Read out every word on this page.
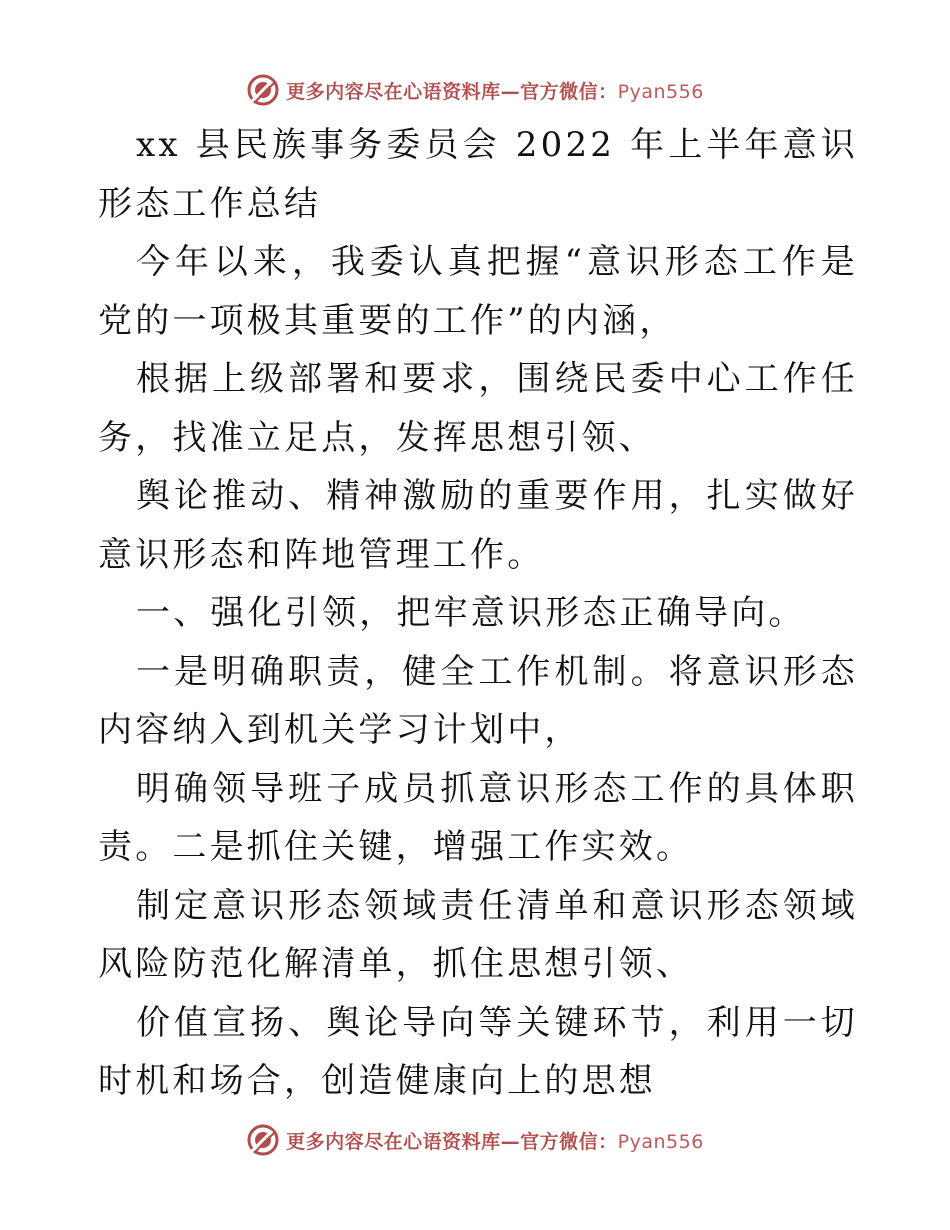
更多内容尽在心语资料库—官方微信：Pyan556

xx 县民族事务委员会 2022 年上半年意识形态工作总结

今年以来，我委认真把握“意识形态工作是党的一项极其重要的工作”的内涵，

根据上级部署和要求，围绕民委中心工作任务，找准立足点，发挥思想引领、

舆论推动、精神激励的重要作用，扎实做好意识形态和阵地管理工作。

一、强化引领，把牢意识形态正确导向。

一是明确职责，健全工作机制。将意识形态内容纳入到机关学习计划中，

明确领导班子成员抓意识形态工作的具体职责。二是抓住关键，增强工作实效。

制定意识形态领域责任清单和意识形态领域风险防范化解清单，抓住思想引领、

价值宣扬、舆论导向等关键环节，利用一切时机和场合，创造健康向上的思想

更多内容尽在心语资料库—官方微信：Pyan556
